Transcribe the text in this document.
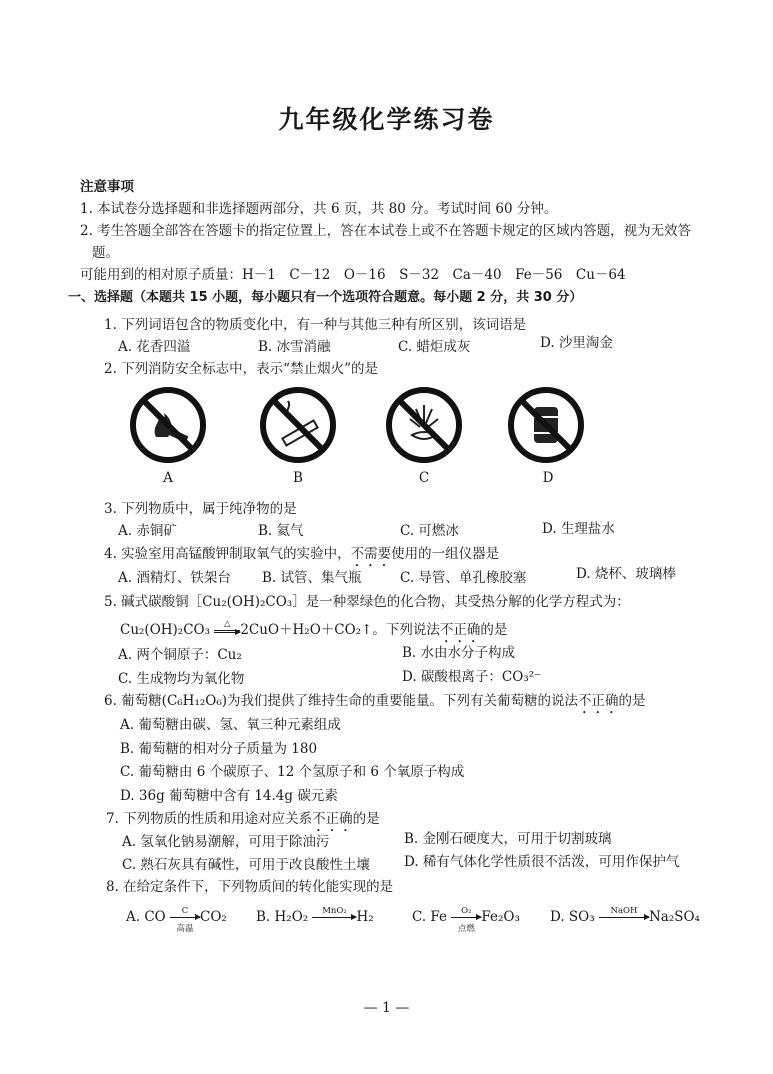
九年级化学练习卷
注意事项
1. 本试卷分选择题和非选择题两部分，共 6 页，共 80 分。考试时间 60 分钟。
2. 考生答题全部答在答题卡的指定位置上，答在本试卷上或不在答题卡规定的区域内答题，视为无效答
题。
可能用到的相对原子质量：H－1　C－12　O－16　S－32　Ca－40　Fe－56　Cu－64
一、选择题（本题共 15 小题，每小题只有一个选项符合题意。每小题 2 分，共 30 分）
1. 下列词语包含的物质变化中，有一种与其他三种有所区别，该词语是
A. 花香四溢	B. 冰雪消融	C. 蜡炬成灰	D. 沙里淘金
2. 下列消防安全标志中，表示“禁止烟火”的是
A	B	C	D
3. 下列物质中，属于纯净物的是
A. 赤铜矿	B. 氦气	C. 可燃冰	D. 生理盐水
4. 实验室用高锰酸钾制取氧气的实验中，不需要使用的一组仪器是
A. 酒精灯、铁架台 B. 试管、集气瓶	C. 导管、单孔橡胶塞	D. 烧杯、玻璃棒
5. 碱式碳酸铜［Cu₂(OH)₂CO₃］是一种翠绿色的化合物，其受热分解的化学方程式为：
Cu₂(OH)₂CO₃	△ 2CuO＋H₂O＋CO₂↑。下列说法不正确的是
A. 两个铜原子：Cu₂	B. 水由水分子构成
C. 生成物均为氧化物	D. 碳酸根离子：CO₃²⁻
6. 葡萄糖(C₆H₁₂O₆)为我们提供了维持生命的重要能量。下列有关葡萄糖的说法不正确的是
A. 葡萄糖由碳、氢、氧三种元素组成
B. 葡萄糖的相对分子质量为 180
C. 葡萄糖由 6 个碳原子、12 个氢原子和 6 个氧原子构成
D. 36g 葡萄糖中含有 14.4g 碳元素
7. 下列物质的性质和用途对应关系不正确的是
A. 氢氧化钠易潮解，可用于除油污	B. 金刚石硬度大，可用于切割玻璃
C. 熟石灰具有碱性，可用于改良酸性土壤	D. 稀有气体化学性质很不活泼，可用作保护气
8. 在给定条件下，下列物质间的转化能实现的是
A. CO	C
高温
CO₂ B. H₂O₂	MnO₂ H₂	C. Fe	O₂
点燃
Fe₂O₃ D. SO₃	NaOH Na₂SO₄
— 1 —
